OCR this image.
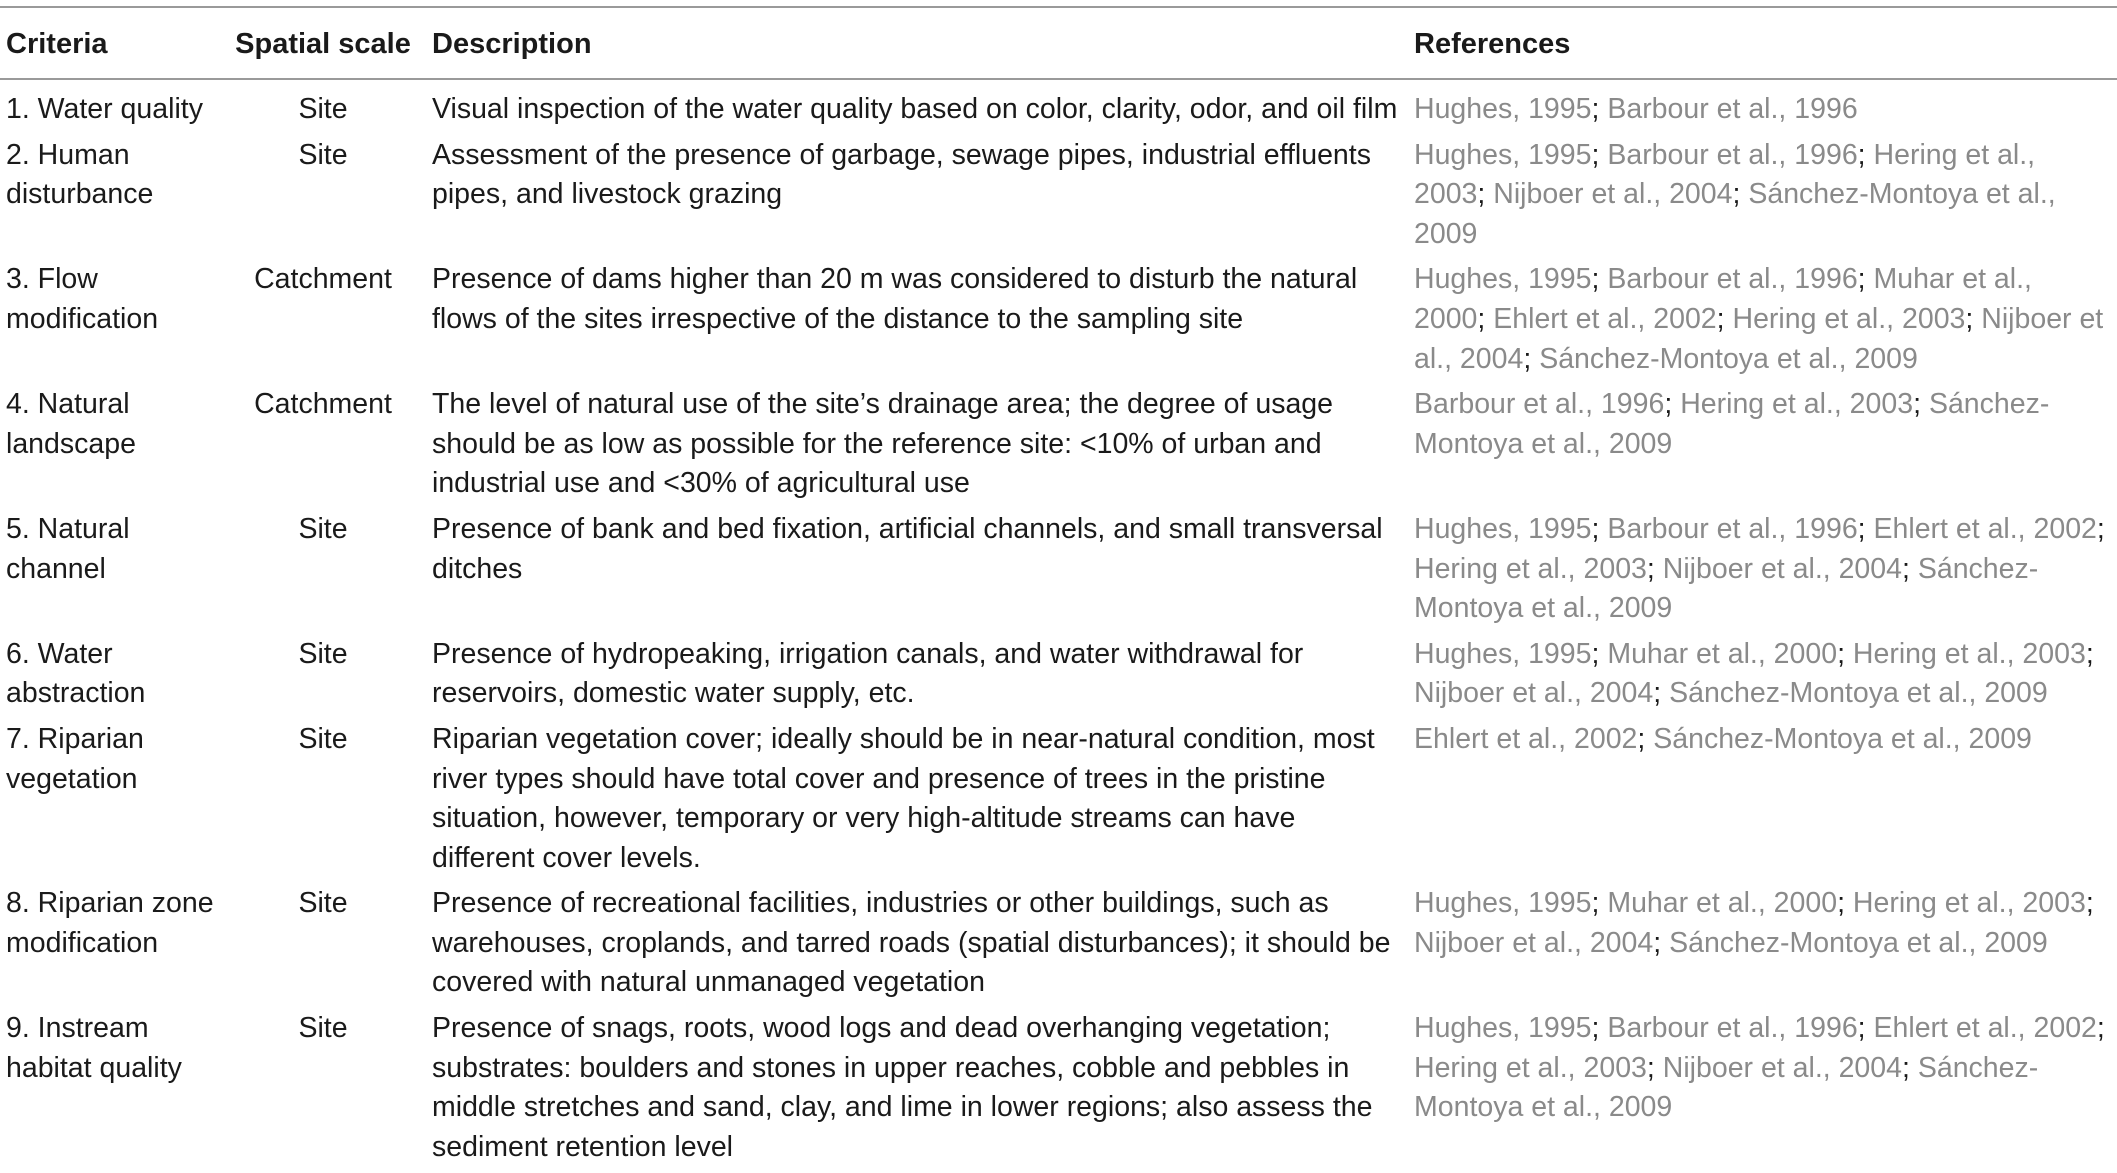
Criteria	Spatial scale	Description	References
1. Water quality	Site	Visual inspection of the water quality based on color, clarity, odor, and oil film	Hughes, 1995; Barbour et al., 1996
2. Human disturbance	Site	Assessment of the presence of garbage, sewage pipes, industrial effluents pipes, and livestock grazing	Hughes, 1995; Barbour et al., 1996; Hering et al., 2003; Nijboer et al., 2004; Sánchez-Montoya et al., 2009
3. Flow modification	Catchment	Presence of dams higher than 20 m was considered to disturb the natural flows of the sites irrespective of the distance to the sampling site	Hughes, 1995; Barbour et al., 1996; Muhar et al., 2000; Ehlert et al., 2002; Hering et al., 2003; Nijboer et al., 2004; Sánchez-Montoya et al., 2009
4. Natural landscape	Catchment	The level of natural use of the site’s drainage area; the degree of usage should be as low as possible for the reference site: <10% of urban and industrial use and <30% of agricultural use	Barbour et al., 1996; Hering et al., 2003; Sánchez-Montoya et al., 2009
5. Natural channel	Site	Presence of bank and bed fixation, artificial channels, and small transversal ditches	Hughes, 1995; Barbour et al., 1996; Ehlert et al., 2002; Hering et al., 2003; Nijboer et al., 2004; Sánchez-Montoya et al., 2009
6. Water abstraction	Site	Presence of hydropeaking, irrigation canals, and water withdrawal for reservoirs, domestic water supply, etc.	Hughes, 1995; Muhar et al., 2000; Hering et al., 2003; Nijboer et al., 2004; Sánchez-Montoya et al., 2009
7. Riparian vegetation	Site	Riparian vegetation cover; ideally should be in near-natural condition, most river types should have total cover and presence of trees in the pristine situation, however, temporary or very high-altitude streams can have different cover levels.	Ehlert et al., 2002; Sánchez-Montoya et al., 2009
8. Riparian zone modification	Site	Presence of recreational facilities, industries or other buildings, such as warehouses, croplands, and tarred roads (spatial disturbances); it should be covered with natural unmanaged vegetation	Hughes, 1995; Muhar et al., 2000; Hering et al., 2003; Nijboer et al., 2004; Sánchez-Montoya et al., 2009
9. Instream habitat quality	Site	Presence of snags, roots, wood logs and dead overhanging vegetation; substrates: boulders and stones in upper reaches, cobble and pebbles in middle stretches and sand, clay, and lime in lower regions; also assess the sediment retention level	Hughes, 1995; Barbour et al., 1996; Ehlert et al., 2002; Hering et al., 2003; Nijboer et al., 2004; Sánchez-Montoya et al., 2009
